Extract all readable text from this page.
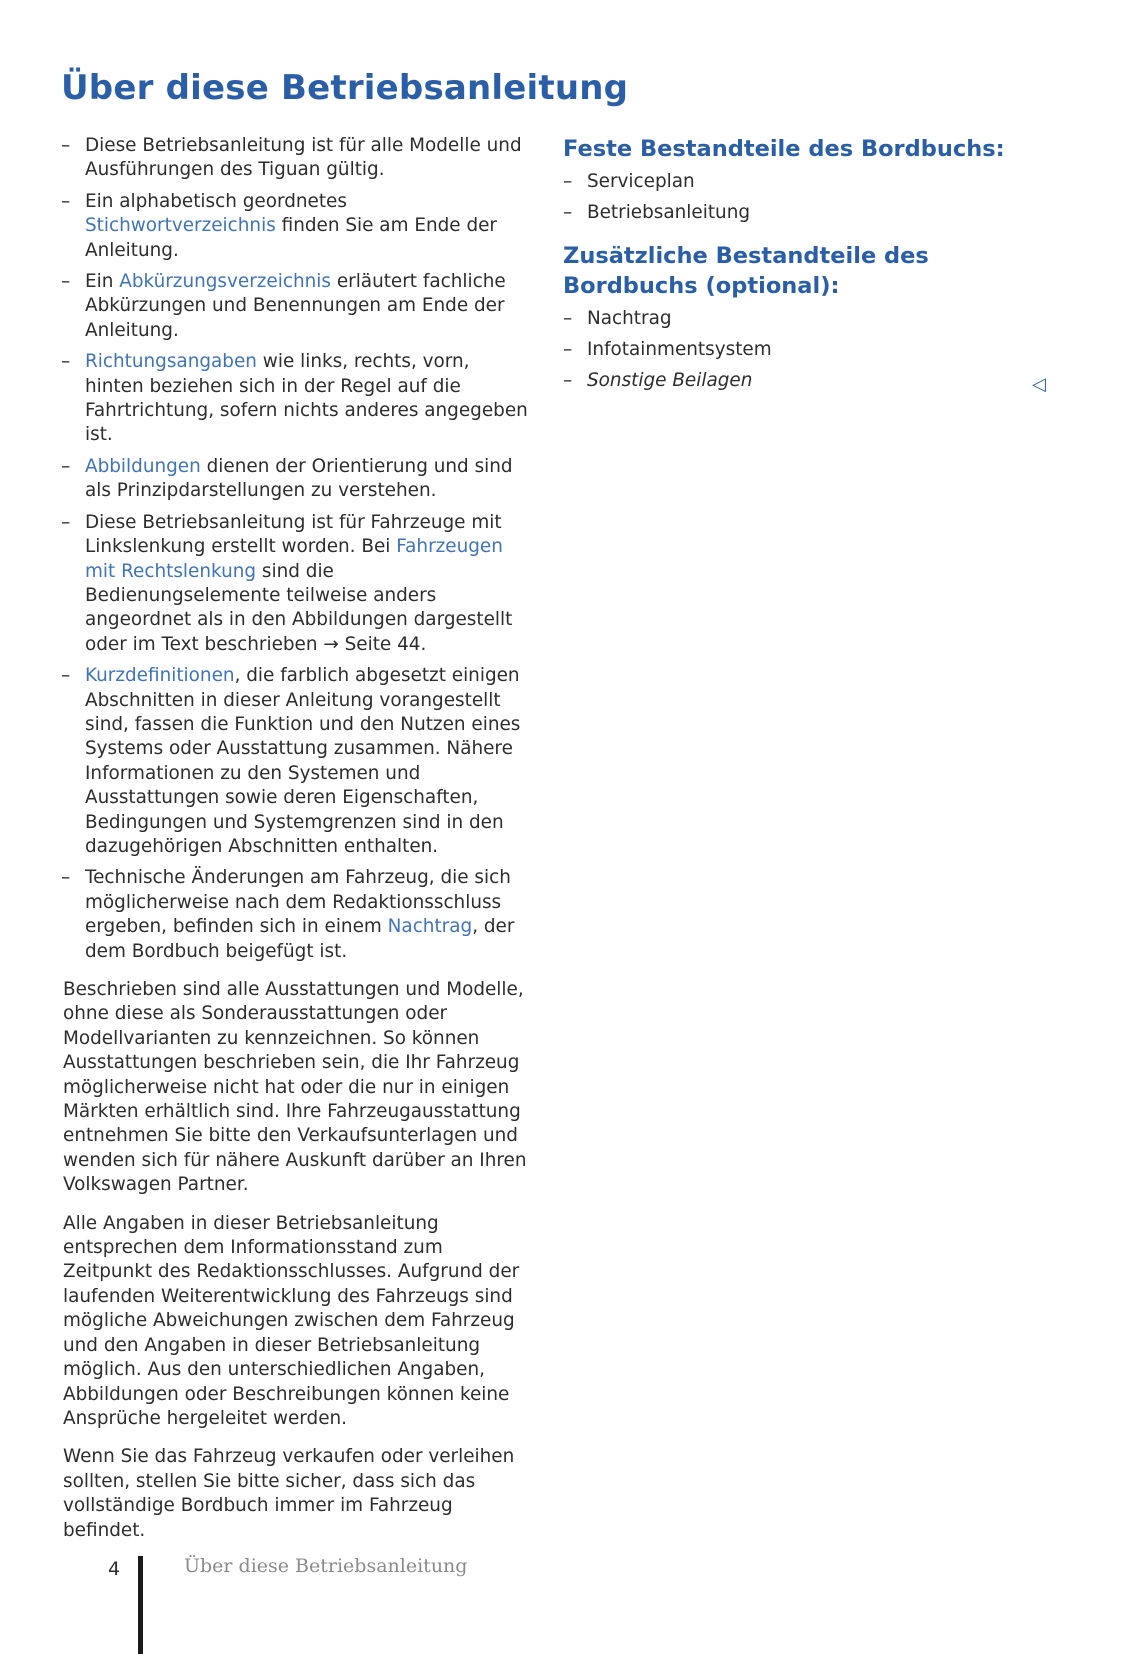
Über diese Betriebsanleitung
– Diese Betriebsanleitung ist für alle Modelle und Ausführungen des Tiguan gültig.
– Ein alphabetisch geordnetes Stichwortverzeichnis finden Sie am Ende der Anleitung.
– Ein Abkürzungsverzeichnis erläutert fachliche Abkürzungen und Benennungen am Ende der Anleitung.
– Richtungsangaben wie links, rechts, vorn, hinten beziehen sich in der Regel auf die Fahrtrichtung, sofern nichts anderes angegeben ist.
– Abbildungen dienen der Orientierung und sind als Prinzipdarstellungen zu verstehen.
– Diese Betriebsanleitung ist für Fahrzeuge mit Linkslenkung erstellt worden. Bei Fahrzeugen mit Rechtslenkung sind die Bedienungselemente teilweise anders angeordnet als in den Abbildungen dargestellt oder im Text beschrieben → Seite 44.
– Kurzdefinitionen, die farblich abgesetzt einigen Abschnitten in dieser Anleitung vorangestellt sind, fassen die Funktion und den Nutzen eines Systems oder Ausstattung zusammen. Nähere Informationen zu den Systemen und Ausstattungen sowie deren Eigenschaften, Bedingungen und Systemgrenzen sind in den dazugehörigen Abschnitten enthalten.
– Technische Änderungen am Fahrzeug, die sich möglicherweise nach dem Redaktionsschluss ergeben, befinden sich in einem Nachtrag, der dem Bordbuch beigefügt ist.

Beschrieben sind alle Ausstattungen und Modelle, ohne diese als Sonderausstattungen oder Modellvarianten zu kennzeichnen. So können Ausstattungen beschrieben sein, die Ihr Fahrzeug möglicherweise nicht hat oder die nur in einigen Märkten erhältlich sind. Ihre Fahrzeugausstattung entnehmen Sie bitte den Verkaufsunterlagen und wenden sich für nähere Auskunft darüber an Ihren Volkswagen Partner.

Alle Angaben in dieser Betriebsanleitung entsprechen dem Informationsstand zum Zeitpunkt des Redaktionsschlusses. Aufgrund der laufenden Weiterentwicklung des Fahrzeugs sind mögliche Abweichungen zwischen dem Fahrzeug und den Angaben in dieser Betriebsanleitung möglich. Aus den unterschiedlichen Angaben, Abbildungen oder Beschreibungen können keine Ansprüche hergeleitet werden.

Wenn Sie das Fahrzeug verkaufen oder verleihen sollten, stellen Sie bitte sicher, dass sich das vollständige Bordbuch immer im Fahrzeug befindet.

Feste Bestandteile des Bordbuchs:
– Serviceplan
– Betriebsanleitung
Zusätzliche Bestandteile des Bordbuchs (optional):
– Nachtrag
– Infotainmentsystem
– Sonstige Beilagen	◁
4	Über diese Betriebsanleitung
